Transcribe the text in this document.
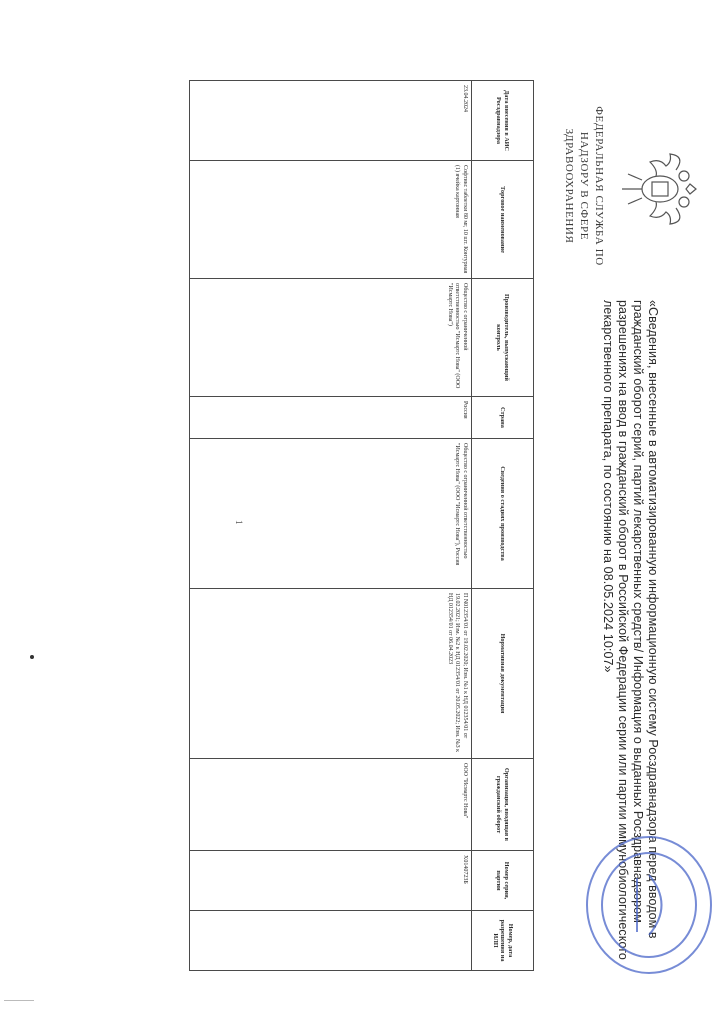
ФЕДЕРАЛЬНАЯ СЛУЖБА ПО НАДЗОРУ В СФЕРЕ ЗДРАВООХРАНЕНИЯ
«Сведения, внесенные в автоматизированную информационную систему Росздравнадзора перед вводом в гражданский оборот серий, партий лекарственных средств/ Информация о выданных Росздравнадзором разрешениях на ввод в гражданский оборот в Российской Федерации серии или партии иммунобиологического лекарственного препарата, по состоянию на 08.05.2024 10:07»
Дата внесения в АИС Росздравнадзора	Торговое наименование	Производитель, выпускающий контроль	Страна	Сведения о стадиях производства	Нормативная документация	Организация, вводящая в гражданский оборот	Номер серии, партии	Номер, дата разрешения на ИЛП
23.04.2024	Софтикс таблетки 80 мг, 10 шт. Контурная (1) ячейка картонная	Общество с ограниченной ответственностью "Исмартс Нова" (ООО "Исмартс Нова")	Россия	Общество с ограниченной ответственностью "Исмартс Нова" (ООО "Исмартс Нова"), Россия	П N012354/01 от 19.02.2020; Изм. №1 к НД 012354/01 от 19.02.2021; Изм. №2 к НД 012354/01 от 20.05.2022; Изм. №3 к НД 012354/01 от 06.04.2023	ООО "Исмартс Нова"	Х0140723Б	
1
